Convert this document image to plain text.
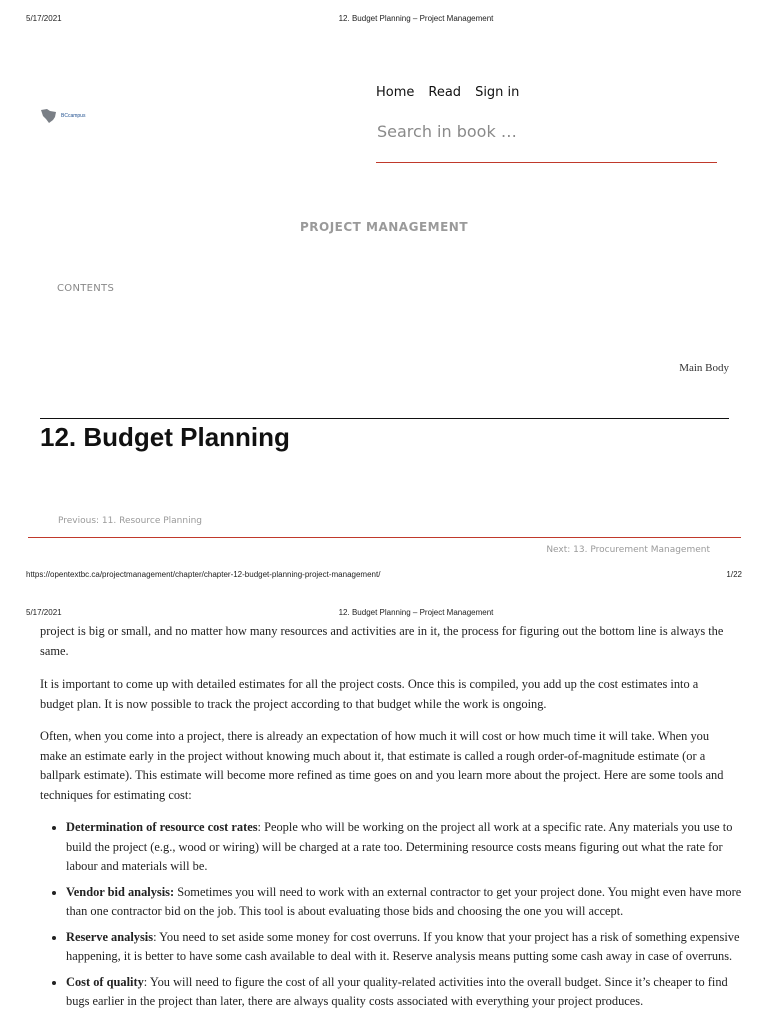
5/17/2021	12. Budget Planning – Project Management
BCcampus
Home Read Sign in
Search in book …
PROJECT MANAGEMENT
CONTENTS
Main Body
12. Budget Planning
Previous: 11. Resource Planning
Next: 13. Procurement Management
https://opentextbc.ca/projectmanagement/chapter/chapter-12-budget-planning-project-management/	1/22
5/17/2021	12. Budget Planning – Project Management

project is big or small, and no matter how many resources and activities are in it, the process for figuring out the bottom line is always the same.

It is important to come up with detailed estimates for all the project costs. Once this is compiled, you add up the cost estimates into a budget plan. It is now possible to track the project according to that budget while the work is ongoing.

Often, when you come into a project, there is already an expectation of how much it will cost or how much time it will take. When you make an estimate early in the project without knowing much about it, that estimate is called a rough order-of-magnitude estimate (or a ballpark estimate). This estimate will become more refined as time goes on and you learn more about the project. Here are some tools and techniques for estimating cost:

• Determination of resource cost rates: People who will be working on the project all work at a specific rate. Any materials you use to build the project (e.g., wood or wiring) will be charged at a rate too. Determining resource costs means figuring out what the rate for labour and materials will be.
• Vendor bid analysis: Sometimes you will need to work with an external contractor to get your project done. You might even have more than one contractor bid on the job. This tool is about evaluating those bids and choosing the one you will accept.
• Reserve analysis: You need to set aside some money for cost overruns. If you know that your project has a risk of something expensive happening, it is better to have some cash available to deal with it. Reserve analysis means putting some cash away in case of overruns.
• Cost of quality: You will need to figure the cost of all your quality-related activities into the overall budget. Since it’s cheaper to find bugs earlier in the project than later, there are always quality costs associated with everything your project produces.
